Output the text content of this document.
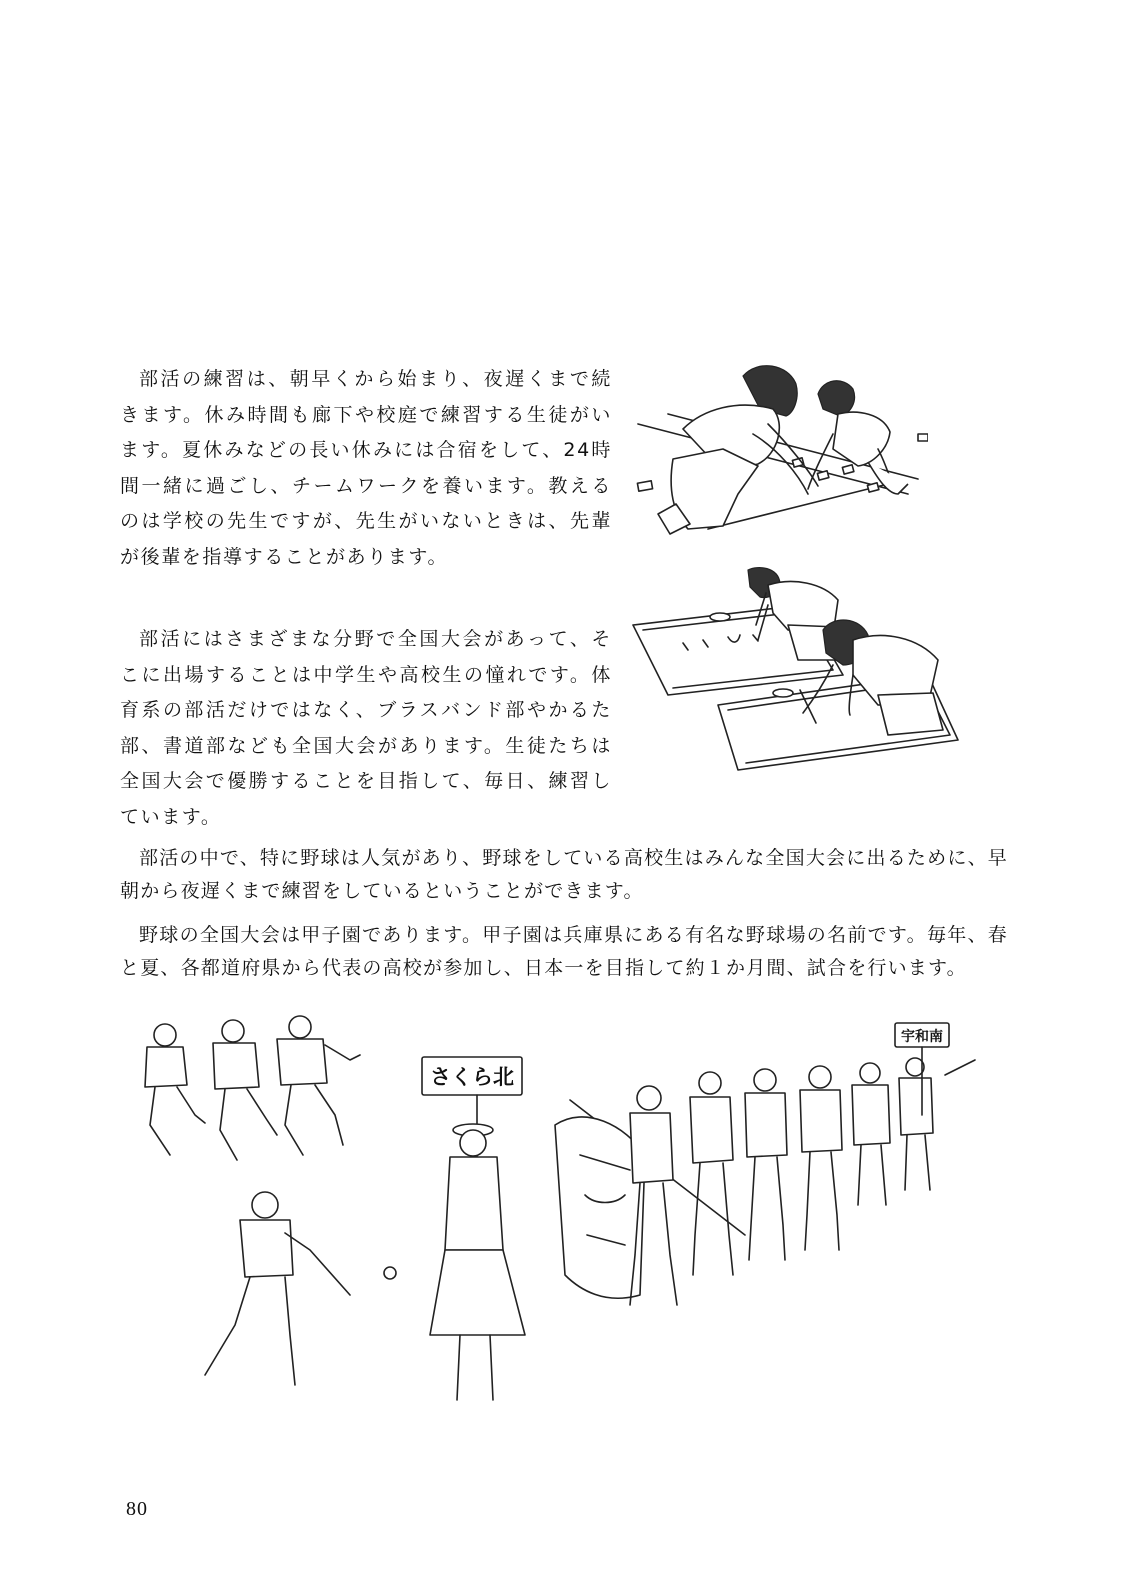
部活の練習は、朝早くから始まり、夜遅くまで続きます。休み時間も廊下や校庭で練習する生徒がいます。夏休みなどの長い休みには合宿をして、24時間一緒に過ごし、チームワークを養います。教えるのは学校の先生ですが、先生がいないときは、先輩が後輩を指導することがあります。

部活にはさまざまな分野で全国大会があって、そこに出場することは中学生や高校生の憧れです。体育系の部活だけではなく、ブラスバンド部やかるた部、書道部なども全国大会があります。生徒たちは全国大会で優勝することを目指して、毎日、練習しています。

部活の中で、特に野球は人気があり、野球をしている高校生はみんな全国大会に出るために、早朝から夜遅くまで練習をしているということができます。

野球の全国大会は甲子園であります。甲子園は兵庫県にある有名な野球場の名前です。毎年、春と夏、各都道府県から代表の高校が参加し、日本一を目指して約１か月間、試合を行います。

さくら北
宇和南
80
